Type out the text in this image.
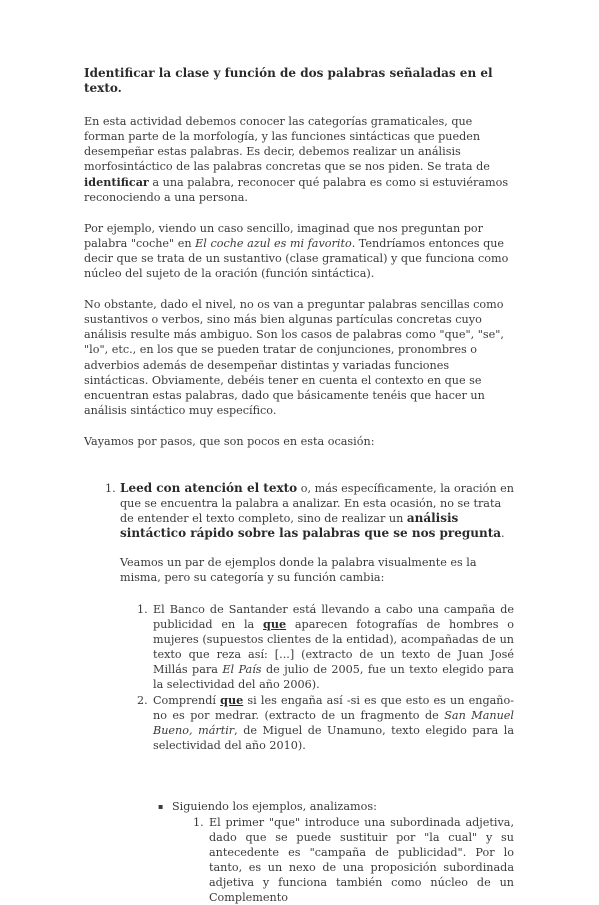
Identificar la clase y función de dos palabras señaladas en el texto.

En esta actividad debemos conocer las categorías gramaticales, que forman parte de la morfología, y las funciones sintácticas que pueden desempeñar estas palabras. Es decir, debemos realizar un análisis morfosintáctico de las palabras concretas que se nos piden. Se trata de identificar a una palabra, reconocer qué palabra es como si estuviéramos reconociendo a una persona.

Por ejemplo, viendo un caso sencillo, imaginad que nos preguntan por palabra "coche" en El coche azul es mi favorito. Tendríamos entonces que decir que se trata de un sustantivo (clase gramatical) y que funciona como núcleo del sujeto de la oración (función sintáctica).

No obstante, dado el nivel, no os van a preguntar palabras sencillas como sustantivos o verbos, sino más bien algunas partículas concretas cuyo análisis resulte más ambiguo. Son los casos de palabras como "que", "se", "lo", etc., en los que se pueden tratar de conjunciones, pronombres o adverbios además de desempeñar distintas y variadas funciones sintácticas. Obviamente, debéis tener en cuenta el contexto en que se encuentran estas palabras, dado que básicamente tenéis que hacer un análisis sintáctico muy específico.

Vayamos por pasos, que son pocos en esta ocasión:

1. Leed con atención el texto o, más específicamente, la oración en que se encuentra la palabra a analizar. En esta ocasión, no se trata de entender el texto completo, sino de realizar un análisis sintáctico rápido sobre las palabras que se nos pregunta.
Veamos un par de ejemplos donde la palabra visualmente es la misma, pero su categoría y su función cambia:
1. El Banco de Santander está llevando a cabo una campaña de publicidad en la que aparecen fotografías de hombres o mujeres (supuestos clientes de la entidad), acompañadas de un texto que reza así: [...] (extracto de un texto de Juan José Millás para El País de julio de 2005, fue un texto elegido para la selectividad del año 2006).
2. Comprendí que si les engaña así -si es que esto es un engaño- no es por medrar. (extracto de un fragmento de San Manuel Bueno, mártir, de Miguel de Unamuno, texto elegido para la selectividad del año 2010).
▪ Siguiendo los ejemplos, analizamos:
1. El primer "que" introduce una subordinada adjetiva, dado que se puede sustituir por "la cual" y su antecedente es "campaña de publicidad". Por lo tanto, es un nexo de una proposición subordinada adjetiva y funciona también como núcleo de un Complemento
